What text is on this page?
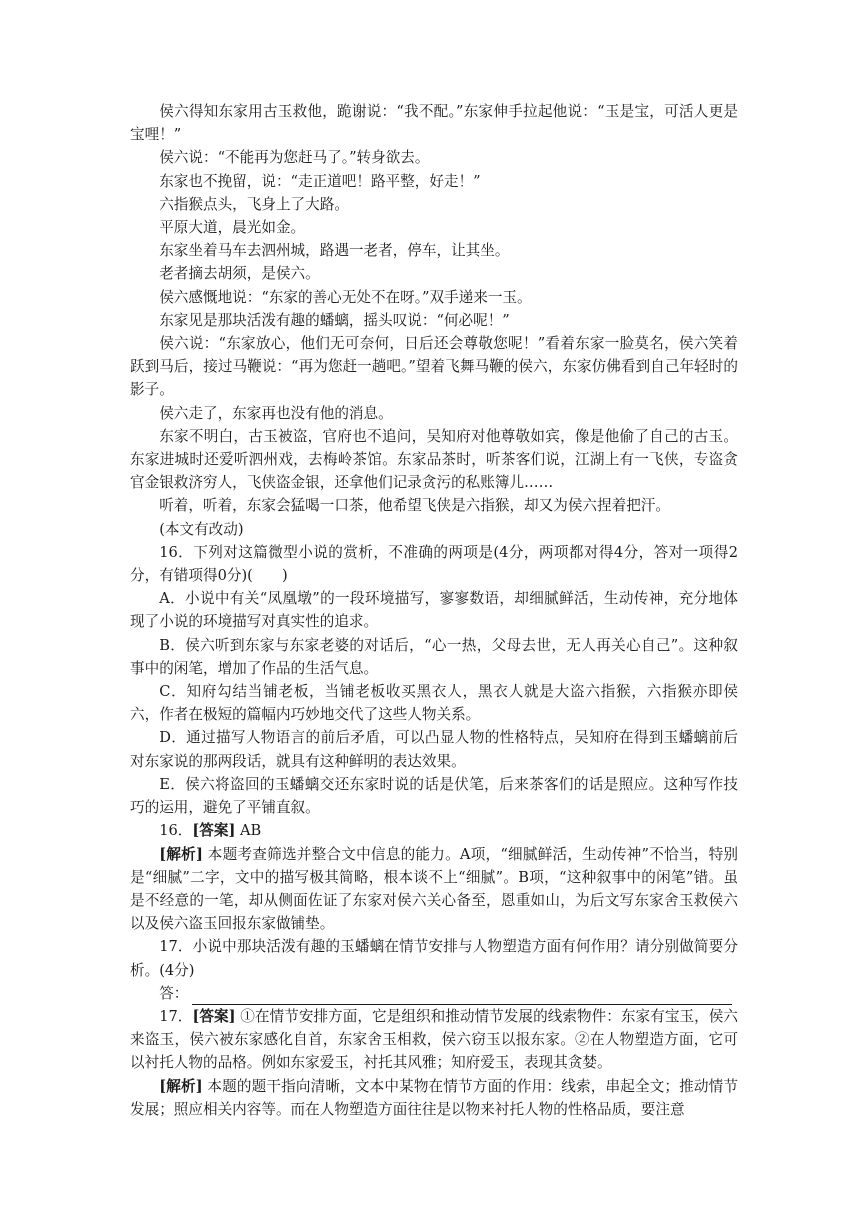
侯六得知东家用古玉救他，跪谢说：“我不配。”东家伸手拉起他说：“玉是宝，可活人更是宝哩！”

侯六说：“不能再为您赶马了。”转身欲去。

东家也不挽留，说：“走正道吧！路平整，好走！”

六指猴点头，飞身上了大路。

平原大道，晨光如金。

东家坐着马车去泗州城，路遇一老者，停车，让其坐。

老者摘去胡须，是侯六。

侯六感慨地说：“东家的善心无处不在呀。”双手递来一玉。

东家见是那块活泼有趣的蟠螭，摇头叹说：“何必呢！”

侯六说：“东家放心，他们无可奈何，日后还会尊敬您呢！”看着东家一脸莫名，侯六笑着跃到马后，接过马鞭说：“再为您赶一趟吧。”望着飞舞马鞭的侯六，东家仿佛看到自己年轻时的影子。

侯六走了，东家再也没有他的消息。

东家不明白，古玉被盗，官府也不追问，吴知府对他尊敬如宾，像是他偷了自己的古玉。东家进城时还爱听泗州戏，去梅岭茶馆。东家品茶时，听茶客们说，江湖上有一飞侠，专盗贪官金银救济穷人，飞侠盗金银，还拿他们记录贪污的私账簿儿……

听着，听着，东家会猛喝一口茶，他希望飞侠是六指猴，却又为侯六捏着把汗。

(本文有改动)

16．下列对这篇微型小说的赏析，不准确的两项是(4分，两项都对得4分，答对一项得2分，有错项得0分)(　　)

A．小说中有关“凤凰墩”的一段环境描写，寥寥数语，却细腻鲜活，生动传神，充分地体现了小说的环境描写对真实性的追求。

B．侯六听到东家与东家老婆的对话后，“心一热，父母去世，无人再关心自己”。这种叙事中的闲笔，增加了作品的生活气息。

C．知府勾结当铺老板，当铺老板收买黑衣人，黑衣人就是大盗六指猴，六指猴亦即侯六，作者在极短的篇幅内巧妙地交代了这些人物关系。

D．通过描写人物语言的前后矛盾，可以凸显人物的性格特点，吴知府在得到玉蟠螭前后对东家说的那两段话，就具有这种鲜明的表达效果。

E．侯六将盗回的玉蟠螭交还东家时说的话是伏笔，后来茶客们的话是照应。这种写作技巧的运用，避免了平铺直叙。

16．[答案] AB

[解析] 本题考查筛选并整合文中信息的能力。A项，“细腻鲜活，生动传神”不恰当，特别是“细腻”二字，文中的描写极其简略，根本谈不上“细腻”。B项，“这种叙事中的闲笔”错。虽是不经意的一笔，却从侧面佐证了东家对侯六关心备至，恩重如山，为后文写东家舍玉救侯六以及侯六盗玉回报东家做铺垫。

17．小说中那块活泼有趣的玉蟠螭在情节安排与人物塑造方面有何作用？请分别做简要分析。(4分)

答：

17．[答案] ①在情节安排方面，它是组织和推动情节发展的线索物件：东家有宝玉，侯六来盗玉，侯六被东家感化自首，东家舍玉相救，侯六窃玉以报东家。②在人物塑造方面，它可以衬托人物的品格。例如东家爱玉，衬托其风雅；知府爱玉，表现其贪婪。

[解析] 本题的题干指向清晰，文本中某物在情节方面的作用：线索，串起全文；推动情节发展；照应相关内容等。而在人物塑造方面往往是以物来衬托人物的性格品质，要注意
